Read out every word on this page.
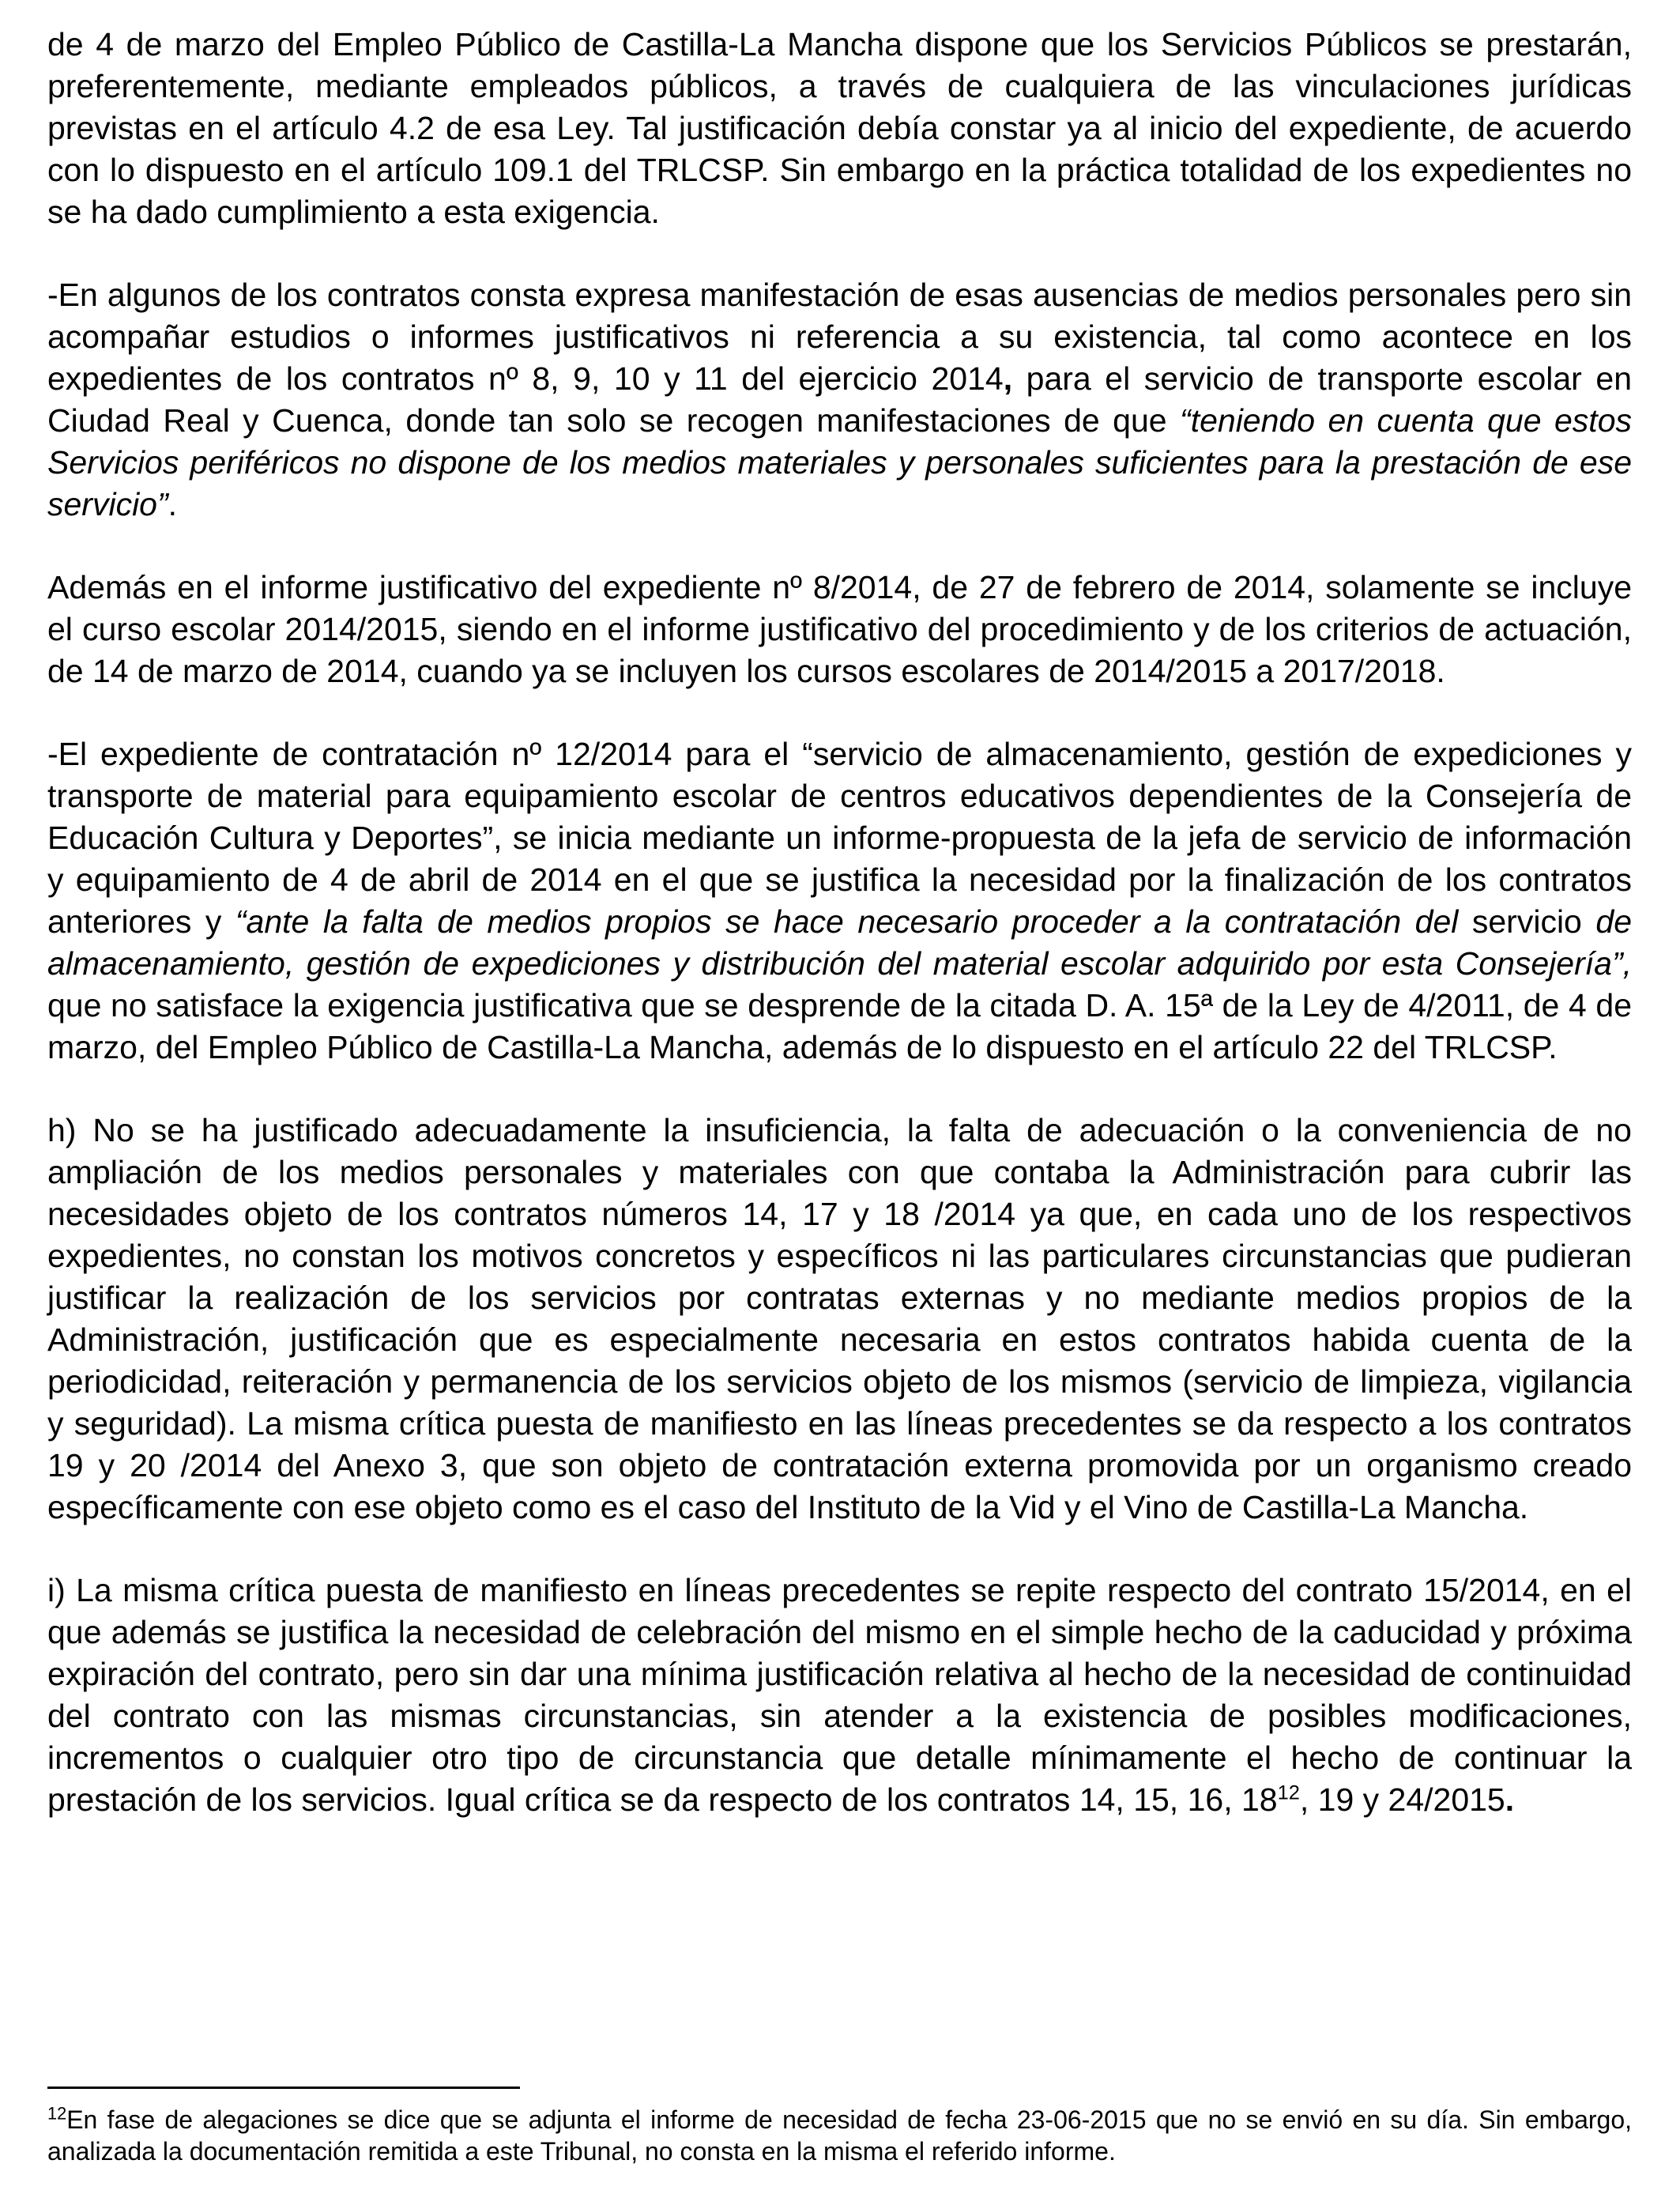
de 4 de marzo del Empleo Público de Castilla-La Mancha dispone que los Servicios Públicos se prestarán, preferentemente, mediante empleados públicos, a través de cualquiera de las vinculaciones jurídicas previstas en el artículo 4.2 de esa Ley. Tal justificación debía constar ya al inicio del expediente, de acuerdo con lo dispuesto en el artículo 109.1 del TRLCSP. Sin embargo en la práctica totalidad de los expedientes no se ha dado cumplimiento a esta exigencia.

-En algunos de los contratos consta expresa manifestación de esas ausencias de medios personales pero sin acompañar estudios o informes justificativos ni referencia a su existencia, tal como acontece en los expedientes de los contratos nº 8, 9, 10 y 11 del ejercicio 2014, para el servicio de transporte escolar en Ciudad Real y Cuenca, donde tan solo se recogen manifestaciones de que “teniendo en cuenta que estos Servicios periféricos no dispone de los medios materiales y personales suficientes para la prestación de ese servicio”.

Además en el informe justificativo del expediente nº 8/2014, de 27 de febrero de 2014, solamente se incluye el curso escolar 2014/2015, siendo en el informe justificativo del procedimiento y de los criterios de actuación, de 14 de marzo de 2014, cuando ya se incluyen los cursos escolares de 2014/2015 a 2017/2018.

-El expediente de contratación nº 12/2014 para el “servicio de almacenamiento, gestión de expediciones y transporte de material para equipamiento escolar de centros educativos dependientes de la Consejería de Educación Cultura y Deportes”, se inicia mediante un informe-propuesta de la jefa de servicio de información y equipamiento de 4 de abril de 2014 en el que se justifica la necesidad por la finalización de los contratos anteriores y “ante la falta de medios propios se hace necesario proceder a la contratación del servicio de almacenamiento, gestión de expediciones y distribución del material escolar adquirido por esta Consejería”, que no satisface la exigencia justificativa que se desprende de la citada D. A. 15ª de la Ley de 4/2011, de 4 de marzo, del Empleo Público de Castilla-La Mancha, además de lo dispuesto en el artículo 22 del TRLCSP.

h) No se ha justificado adecuadamente la insuficiencia, la falta de adecuación o la conveniencia de no ampliación de los medios personales y materiales con que contaba la Administración para cubrir las necesidades objeto de los contratos números 14, 17 y 18 /2014 ya que, en cada uno de los respectivos expedientes, no constan los motivos concretos y específicos ni las particulares circunstancias que pudieran justificar la realización de los servicios por contratas externas y no mediante medios propios de la Administración, justificación que es especialmente necesaria en estos contratos habida cuenta de la periodicidad, reiteración y permanencia de los servicios objeto de los mismos (servicio de limpieza, vigilancia y seguridad). La misma crítica puesta de manifiesto en las líneas precedentes se da respecto a los contratos 19 y 20 /2014 del Anexo 3, que son objeto de contratación externa promovida por un organismo creado específicamente con ese objeto como es el caso del Instituto de la Vid y el Vino de Castilla-La Mancha.

i) La misma crítica puesta de manifiesto en líneas precedentes se repite respecto del contrato 15/2014, en el que además se justifica la necesidad de celebración del mismo en el simple hecho de la caducidad y próxima expiración del contrato, pero sin dar una mínima justificación relativa al hecho de la necesidad de continuidad del contrato con las mismas circunstancias, sin atender a la existencia de posibles modificaciones, incrementos o cualquier otro tipo de circunstancia que detalle mínimamente el hecho de continuar la prestación de los servicios. Igual crítica se da respecto de los contratos 14, 15, 16, $18^{12}$, 19 y 24/2015.

$^{12}$En fase de alegaciones se dice que se adjunta el informe de necesidad de fecha 23-06-2015 que no se envió en su día. Sin embargo, analizada la documentación remitida a este Tribunal, no consta en la misma el referido informe.
